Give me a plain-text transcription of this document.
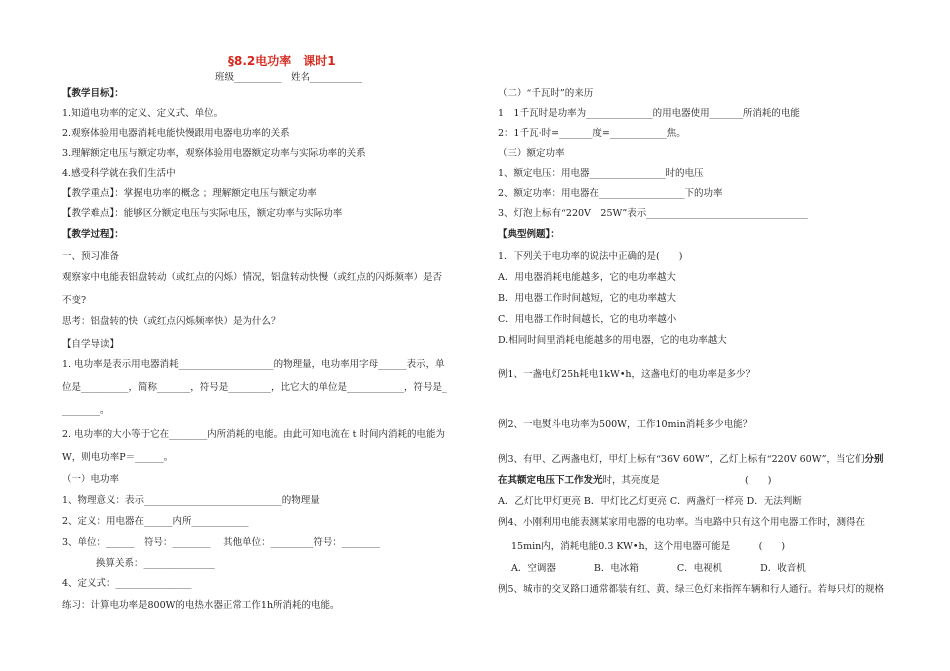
§8.2电功率　课时1
班级__________　姓名___________
【教学目标】：
1.知道电功率的定义、定义式、单位。
2.观察体验用电器消耗电能快慢跟用电器电功率的关系
3.理解额定电压与额定功率，观察体验用电器额定功率与实际功率的关系
4.感受科学就在我们生活中
【教学重点】：掌握电功率的概念 ；理解额定电压与额定功率
【教学难点】：能够区分额定电压与实际电压，额定功率与实际功率
【教学过程】：
一、预习准备
观察家中电能表铝盘转动（或红点的闪烁）情况，铝盘转动快慢（或红点的闪烁频率）是否
不变?
思考：铝盘转的快（或红点闪烁频率快）是为什么？
【自学导读】
1. 电功率是表示用电器消耗____________________的物理量，电功率用字母______表示，单
位是__________，简称_______，符号是_________，比它大的单位是____________，符号是_
________。
2. 电功率的大小等于它在________内所消耗的电能。由此可知电流在 t 时间内消耗的电能为
W，则电功率P＝______。
（一）电功率
1、物理意义：表示_____________________________的物理量
2、定义：用电器在______内所____________
3、单位：______　符号：________　 其他单位：_________符号：________
换算关系：_______________
4、定义式：________________
练习：计算电功率是800W的电热水器正常工作1h所消耗的电能。
（二）“千瓦时”的来历
1　1千瓦时是功率为______________的用电器使用_______所消耗的电能
2：1千瓦·时=_______度=____________焦。
（三）额定功率
1、额定电压：用电器________________时的电压
2、额定功率：用电器在__________________下的功率
3、灯泡上标有“220V　25W”表示__________________________________
【典型例题】：
1．下列关于电功率的说法中正确的是(　　)
A．用电器消耗电能越多，它的电功率越大
B．用电器工作时间越短，它的电功率越大
C．用电器工作时间越长，它的电功率越小
D.相同时间里消耗电能越多的用电器，它的电功率越大
例1、一盏电灯25h耗电1kW•h，这盏电灯的电功率是多少？
例2、一电熨斗电功率为500W，工作10min消耗多少电能？
例3、有甲、乙两盏电灯，甲灯上标有“36V 60W”，乙灯上标有“220V 60W”，当它们分别
在其额定电压下工作发光时，其亮度是　　　　　　　　　(　　)
A．乙灯比甲灯更亮 B．甲灯比乙灯更亮 C．两盏灯一样亮 D．无法判断
例4、小刚利用电能表测某家用电器的电功率。当电路中只有这个用电器工作时，测得在
15min内，消耗电能0.3 KW•h，这个用电器可能是　　　(　　)
A．空调器　　　　B．电冰箱　　　　C．电视机　　　　D．收音机
例5、城市的交叉路口通常都装有红、黄、绿三色灯来指挥车辆和行人通行。若每只灯的规格
